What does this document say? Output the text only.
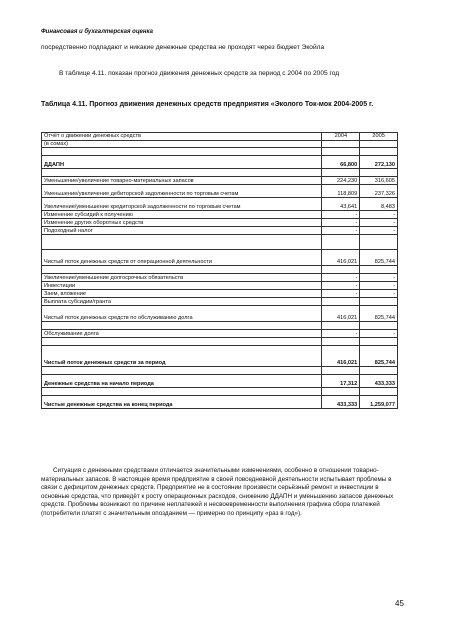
Финансовая и бухгалтерская оценка
посредственно подпадают и никакие денежные средства не проходят через бюджет Экойла
В таблице 4.11. показан прогноз движения денежных средств за период с 2004 по 2005 год
Таблица 4.11. Прогноз движения денежных средств предприятия «Эколого Ток-мок 2004-2005 г.
Отчёт о движении денежных средств	2004	2005
(в сомах)		

ДДАПН	66,800	272,130

Уменьшение/увеличение товарно-материальных запасов	224,230	316,605
Уменьшение/увеличение дебиторской задолженности по торговым счетам	118,809	237,326
Увеличение/уменьшение кредиторской задолженности по торговым счетам	43,641	8,483
Изменение субсидий к получению	-	-
Изменение других оборотных средств	-	-
Подоходный налог	-	-

Чистый поток денежных средств от операционной деятельности	416,021	825,744

Увеличение/уменьшение долгосрочных обязательств	-	-
Инвестиции	-	-
Заем, вложение	-	-
Выплата субсидии/гранта		
Чистый поток денежных средств по обслуживанию долга	416,021	825,744

Обслуживание долга	-	-

Чистый поток денежных средств за период	416,021	825,744

Денежные средства на начало периода	17,312	433,333

Чистые денежные средства на конец периода	433,333	1,259,077
Ситуация с денежными средствами отличается значительными изменениями, особенно в отношении товарно-материальных запасов. В настоящее время предприятие в своей повседневной деятельности испытывает проблемы в связи с дефицитом денежных средств. Предприятие не в состоянии произвести серьёзный ремонт и инвестиции в основные средства, что приведёт к росту операционных расходов, снижению ДДАПН и уменьшению запасов денежных средств. Проблемы возникают по причине неплатежей и несвоевременности выполнения графика сбора платежей (потребители платят с значительным опозданием — примерно по принципу «раз в год»).
45
